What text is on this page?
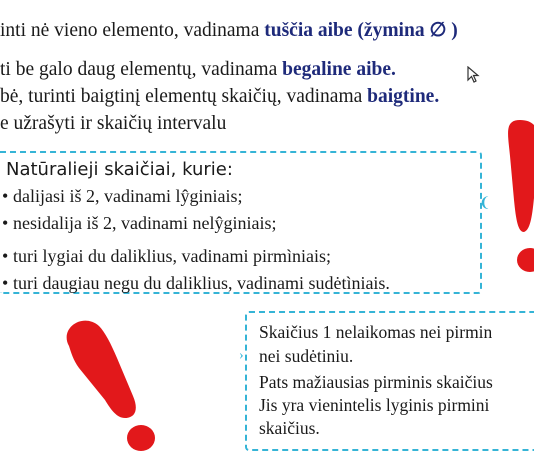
inti nė vieno elemento, vadinama tuščia aibe (žymina ∅ )
ti be galo daug elementų, vadinama begaline aibe.
bė, turinti baigtinį elementų skaičių, vadinama baigtine.
e užrašyti ir skaičių intervalu
❨
Natūralieji skaičiai, kurie:
• dalijasi iš 2, vadinami lŷginiais;
• nesidalija iš 2, vadinami nelŷginiais;
• turi lygiai du daliklius, vadinami pirmìniais;
• turi daugiau negu du daliklius, vadinami sudėtìniais.
›
Skaičius 1 nelaikomas nei pirmin
nei sudėtiniu.
Pats mažiausias pirminis skaičius
Jis yra vienintelis lyginis pirmini
skaičius.
